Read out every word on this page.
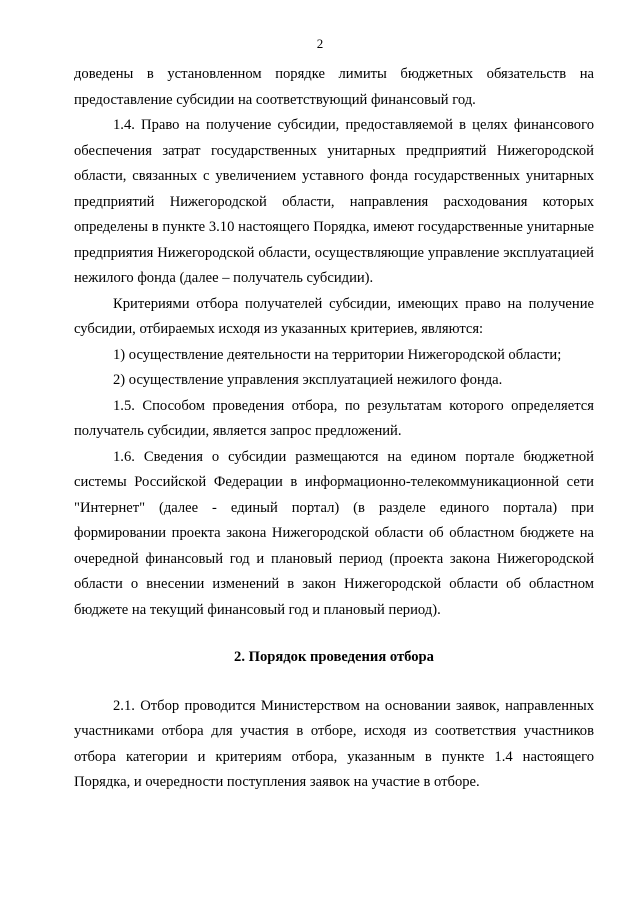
2

доведены в установленном порядке лимиты бюджетных обязательств на предоставление субсидии на соответствующий финансовый год.

1.4. Право на получение субсидии, предоставляемой в целях финансового обеспечения затрат государственных унитарных предприятий Нижегородской области, связанных с увеличением уставного фонда государственных унитарных предприятий Нижегородской области, направления расходования которых определены в пункте 3.10 настоящего Порядка, имеют государственные унитарные предприятия Нижегородской области, осуществляющие управление эксплуатацией нежилого фонда (далее – получатель субсидии).

Критериями отбора получателей субсидии, имеющих право на получение субсидии, отбираемых исходя из указанных критериев, являются:

1) осуществление деятельности на территории Нижегородской области;

2) осуществление управления эксплуатацией нежилого фонда.

1.5. Способом проведения отбора, по результатам которого определяется получатель субсидии, является запрос предложений.

1.6. Сведения о субсидии размещаются на едином портале бюджетной системы Российской Федерации в информационно-телекоммуникационной сети "Интернет" (далее - единый портал) (в разделе единого портала) при формировании проекта закона Нижегородской области об областном бюджете на очередной финансовый год и плановый период (проекта закона Нижегородской области о внесении изменений в закон Нижегородской области об областном бюджете на текущий финансовый год и плановый период).

2. Порядок проведения отбора

2.1. Отбор проводится Министерством на основании заявок, направленных участниками отбора для участия в отборе, исходя из соответствия участников отбора категории и критериям отбора, указанным в пункте 1.4 настоящего Порядка, и очередности поступления заявок на участие в отборе.
